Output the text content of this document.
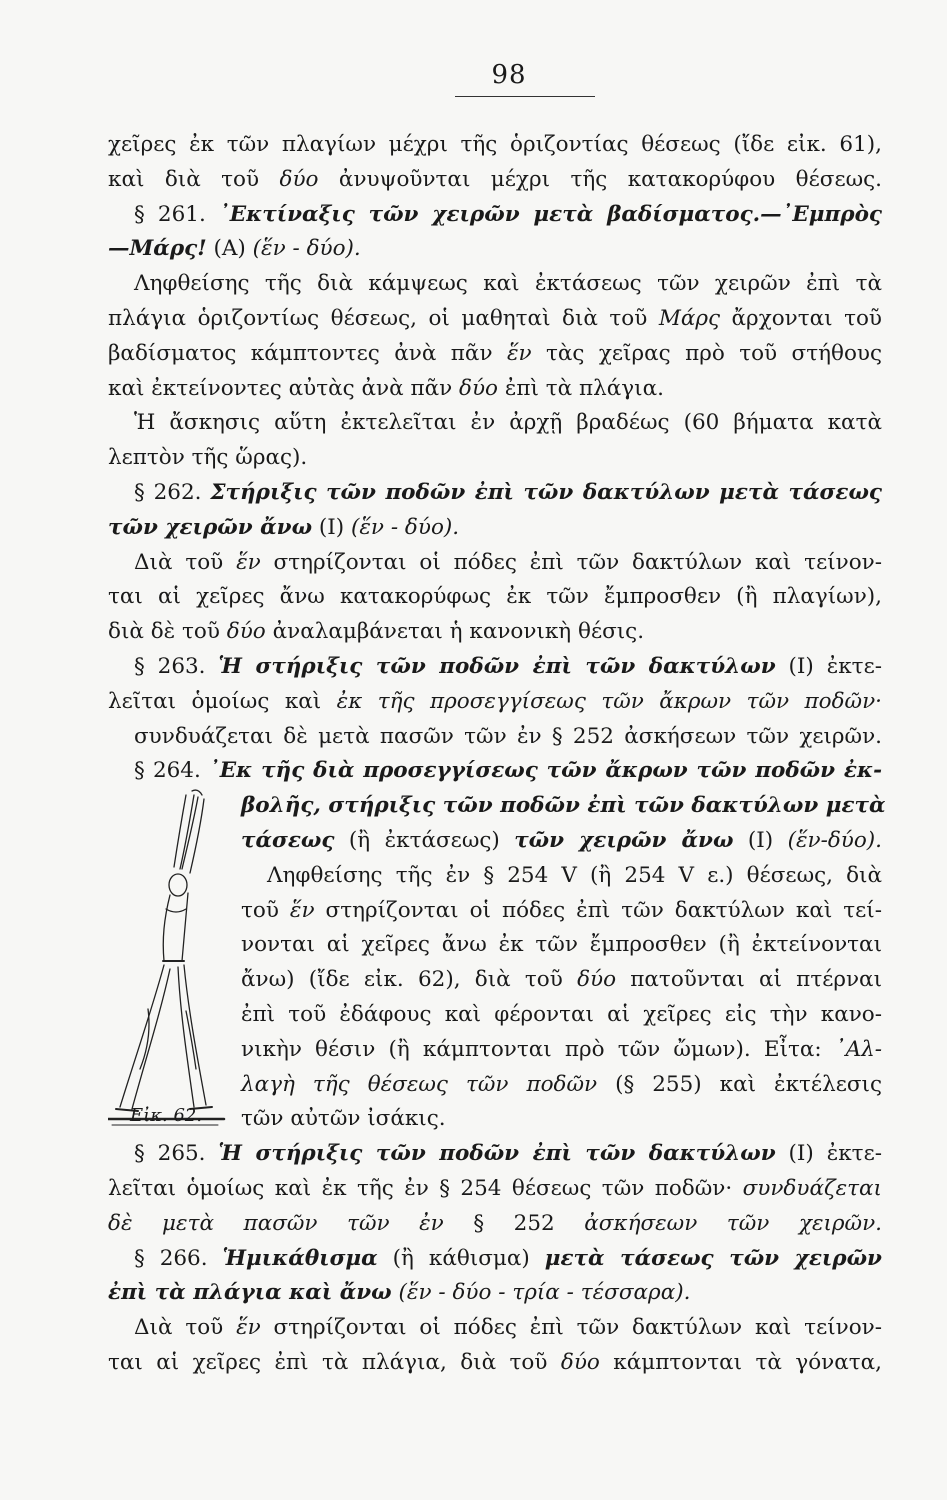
98
χεῖρες ἐκ τῶν πλαγίων μέχρι τῆς ὁριζοντίας θέσεως (ἴδε εἰκ. 61),
καὶ διὰ τοῦ δύο ἀνυψοῦνται μέχρι τῆς κατακορύφου θέσεως.
§ 261. ᾿Εκτίναξις τῶν χειρῶν μετὰ βαδίσματος.—᾿Εμπρὸς
—Μάρς! (Α) (ἕν - δύο).
Ληφθείσης τῆς διὰ κάμψεως καὶ ἐκτάσεως τῶν χειρῶν ἐπὶ τὰ
πλάγια ὁριζοντίως θέσεως, οἱ μαθηταὶ διὰ τοῦ Μάρς ἄρχονται τοῦ
βαδίσματος κάμπτοντες ἀνὰ πᾶν ἕν τὰς χεῖρας πρὸ τοῦ στήθους
καὶ ἐκτείνοντες αὐτὰς ἀνὰ πᾶν δύο ἐπὶ τὰ πλάγια.
Ἡ ἄσκησις αὕτη ἐκτελεῖται ἐν ἀρχῇ βραδέως (60 βήματα κατὰ
λεπτὸν τῆς ὥρας).
§ 262. Στήριξις τῶν ποδῶν ἐπὶ τῶν δακτύλων μετὰ τάσεως
τῶν χειρῶν ἄνω (Ι) (ἕν - δύο).
Διὰ τοῦ ἕν στηρίζονται οἱ πόδες ἐπὶ τῶν δακτύλων καὶ τείνον-
ται αἱ χεῖρες ἄνω κατακορύφως ἐκ τῶν ἔμπροσθεν (ἢ πλαγίων),
διὰ δὲ τοῦ δύο ἀναλαμβάνεται ἡ κανονικὴ θέσις.
§ 263. Ἡ στήριξις τῶν ποδῶν ἐπὶ τῶν δακτύλων (Ι) ἐκτε-
λεῖται ὁμοίως καὶ ἐκ τῆς προσεγγίσεως τῶν ἄκρων τῶν ποδῶν·
συνδυάζεται δὲ μετὰ πασῶν τῶν ἐν § 252 ἀσκήσεων τῶν χειρῶν.
§ 264. ᾿Εκ τῆς διὰ προσεγγίσεως τῶν ἄκρων τῶν ποδῶν ἐκ-
Εἰκ. 62.
βολῆς, στήριξις τῶν ποδῶν ἐπὶ τῶν δακτύλων μετὰ
τάσεως (ἢ ἐκτάσεως) τῶν χειρῶν ἄνω (Ι) (ἕν-δύο).
Ληφθείσης τῆς ἐν § 254 V (ἢ 254 V ε.) θέσεως, διὰ
τοῦ ἕν στηρίζονται οἱ πόδες ἐπὶ τῶν δακτύλων καὶ τεί-
νονται αἱ χεῖρες ἄνω ἐκ τῶν ἔμπροσθεν (ἢ ἐκτείνονται
ἄνω) (ἴδε εἰκ. 62), διὰ τοῦ δύο πατοῦνται αἱ πτέρναι
ἐπὶ τοῦ ἐδάφους καὶ φέρονται αἱ χεῖρες εἰς τὴν κανο-
νικὴν θέσιν (ἢ κάμπτονται πρὸ τῶν ὤμων). Εἶτα: ᾿Αλ-
λαγὴ τῆς θέσεως τῶν ποδῶν (§ 255) καὶ ἐκτέλεσις
τῶν αὐτῶν ἰσάκις.
§ 265. Ἡ στήριξις τῶν ποδῶν ἐπὶ τῶν δακτύλων (Ι) ἐκτε-
λεῖται ὁμοίως καὶ ἐκ τῆς ἐν § 254 θέσεως τῶν ποδῶν· συνδυάζεται
δὲ μετὰ πασῶν τῶν ἐν § 252 ἀσκήσεων τῶν χειρῶν.
§ 266. Ἡμικάθισμα (ἢ κάθισμα) μετὰ τάσεως τῶν χειρῶν
ἐπὶ τὰ πλάγια καὶ ἄνω (ἕν - δύο - τρία - τέσσαρα).
Διὰ τοῦ ἕν στηρίζονται οἱ πόδες ἐπὶ τῶν δακτύλων καὶ τείνον-
ται αἱ χεῖρες ἐπὶ τὰ πλάγια, διὰ τοῦ δύο κάμπτονται τὰ γόνατα,
